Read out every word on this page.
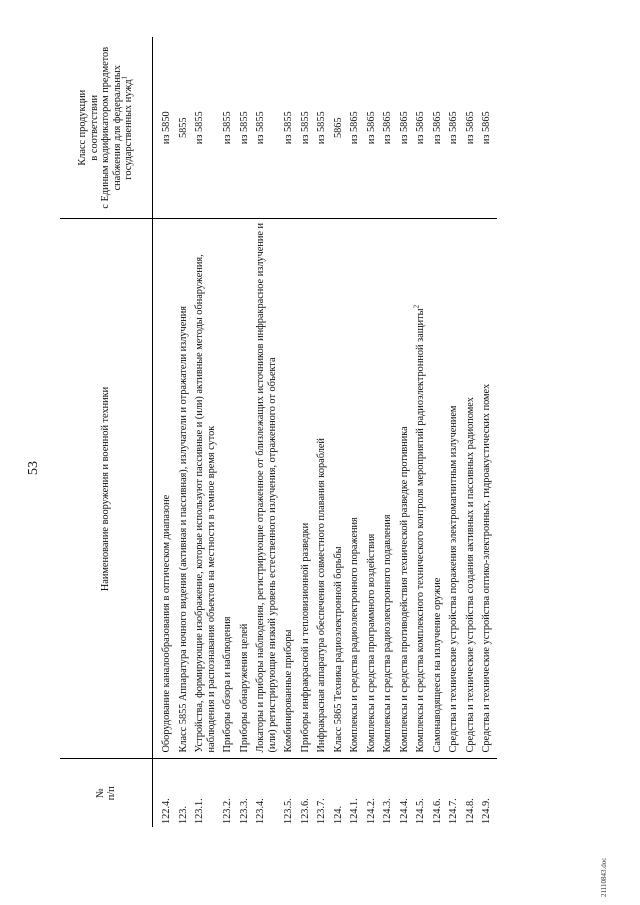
53
№ п/п	Наименование вооружения и военной техники	Класс продукции в соответствии с Единым кодификатором предметов снабжения для федеральных государственных нужд$^1$

122.4.	Оборудование каналообразования в оптическом диапазоне	из 5850
123.	Класс 5855 Аппаратура ночного видения (активная и пассивная), излучатели и отражатели излучения	5855
123.1.	Устройства, формирующие изображение, которые используют пассивные и (или) активные методы обнаружения, наблюдения и распознавания объектов на местности в темное время суток	из 5855
123.2.	Приборы обзора и наблюдения	из 5855
123.3.	Приборы обнаружения целей	из 5855
123.4.	Локаторы и приборы наблюдения, регистрирующие отраженное от близлежащих источников инфракрасное излучение и (или) регистрирующие низкий уровень естественного излучения, отраженного от объекта	из 5855
123.5.	Комбинированные приборы	из 5855
123.6.	Приборы инфракрасной и тепловизионной разведки	из 5855
123.7.	Инфракрасная аппаратура обеспечения совместного плавания кораблей	из 5855
124.	Класс 5865 Техника радиоэлектронной борьбы	5865
124.1.	Комплексы и средства радиоэлектронного поражения	из 5865
124.2.	Комплексы и средства программного воздействия	из 5865
124.3.	Комплексы и средства радиоэлектронного подавления	из 5865
124.4.	Комплексы и средства противодействия технической разведке противника	из 5865
124.5.	Комплексы и средства комплексного технического контроля мероприятий радиоэлектронной защиты$^2$	из 5865
124.6.	Самонаводящееся на излучение оружие	из 5865
124.7.	Средства и технические устройства поражения электромагнитным излучением	из 5865
124.8.	Средства и технические устройства создания активных и пассивных радиопомех	из 5865
124.9.	Средства и технические устройства оптико-электронных, гидроакустических помех	из 5865
21110843.doc
